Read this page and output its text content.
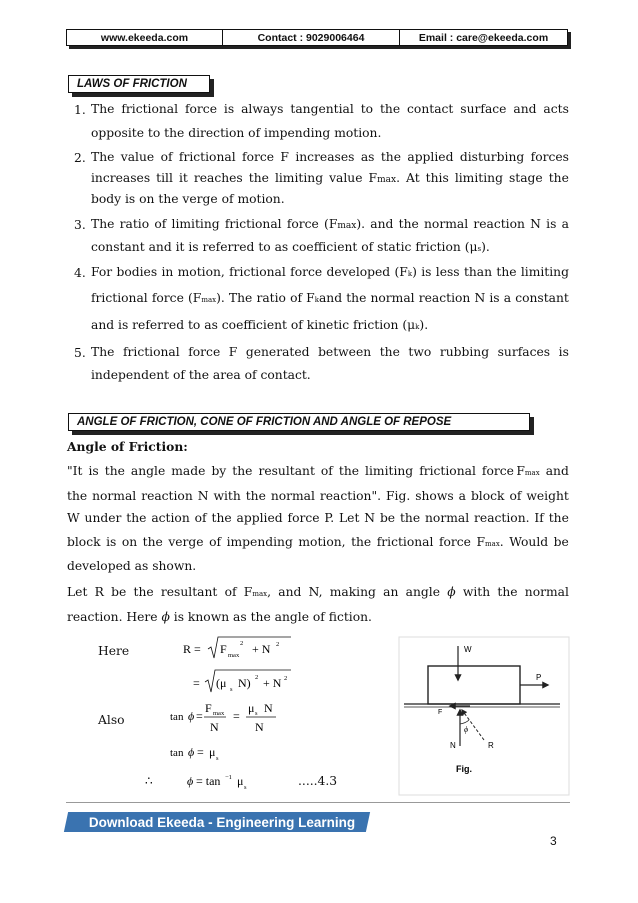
www.ekeeda.com	Contact : 9029006464	Email : care@ekeeda.com
LAWS OF FRICTION
1. The frictional force is always tangential to the contact surface and acts
opposite to the direction of impending motion.
2. The value of frictional force F increases as the applied disturbing forces
increases till it reaches the limiting value Fmax. At this limiting stage the
body is on the verge of motion.
3. The ratio of limiting frictional force (Fmax). and the normal reaction N is a
constant and it is referred to as coefficient of static friction (μs).
4. For bodies in motion, frictional force developed (Fk) is less than the limiting
frictional force (Fmax). The ratio of Fkand the normal reaction N is a constant
and is referred to as coefficient of kinetic friction (μk).
5. The frictional force F generated between the two rubbing surfaces is
independent of the area of contact.
ANGLE OF FRICTION, CONE OF FRICTION AND ANGLE OF REPOSE
Angle of Friction:
"It is the angle made by the resultant of the limiting frictional force Fmax and
the normal reaction N with the normal reaction". Fig. shows a block of weight
W under the action of the applied force P. Let N be the normal reaction. If the
block is on the verge of impending motion, the frictional force Fmax. Would be
developed as shown.
Let R be the resultant of Fmax, and N, making an angle ϕ with the normal
reaction. Here ϕ is known as the angle of fiction.
Here	R = F max
2 + N 2
= (μ s N) 2 + N 2
Also	tan ϕ =
F max
N
=
μ s N
N
tan ϕ = μ s
∴	ϕ = tan −1 μ s	.....4.3
W
P
F
N	R
ϕ
Fig.
Download Ekeeda - Engineering Learning App	3
